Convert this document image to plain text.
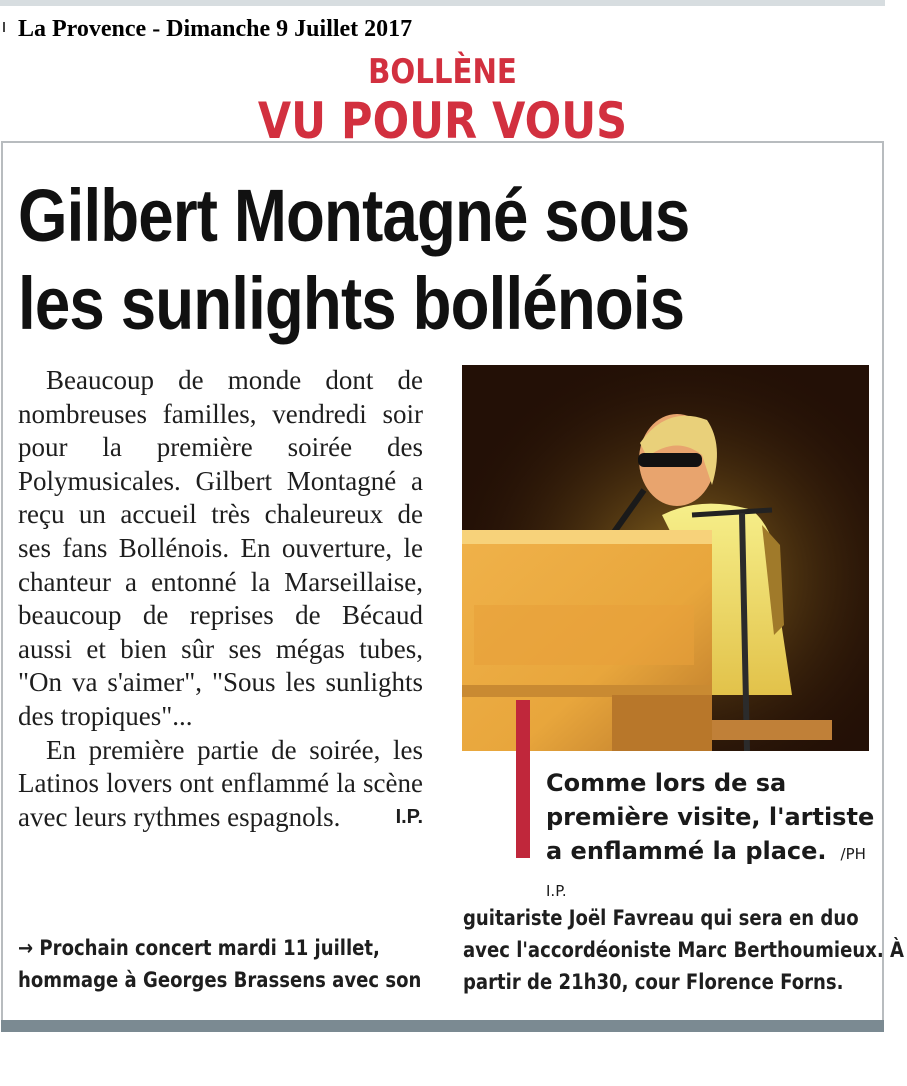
La Provence - Dimanche 9 Juillet 2017
BOLLÈNE
VU POUR VOUS
Gilbert Montagné sous
les sunlights bollénois

Beaucoup de monde dont de nombreuses familles, vendredi soir pour la première soirée des Polymusicales. Gilbert Montagné a reçu un accueil très chaleureux de ses fans Bollénois. En ouverture, le chanteur a entonné la Marseillaise, beaucoup de reprises de Bécaud aussi et bien sûr ses mégas tubes, "On va s'aimer", "Sous les sunlights des tropiques"...

En première partie de soirée, les Latinos lovers ont enflammé la scène avec leurs rythmes espagnols.	I.P.

Comme lors de sa première visite, l'artiste a enflammé la place. /PH I.P.
→ Prochain concert mardi 11 juillet,
hommage à Georges Brassens avec son
guitariste Joël Favreau qui sera en duo
avec l'accordéoniste Marc Berthoumieux. À
partir de 21h30, cour Florence Forns.
